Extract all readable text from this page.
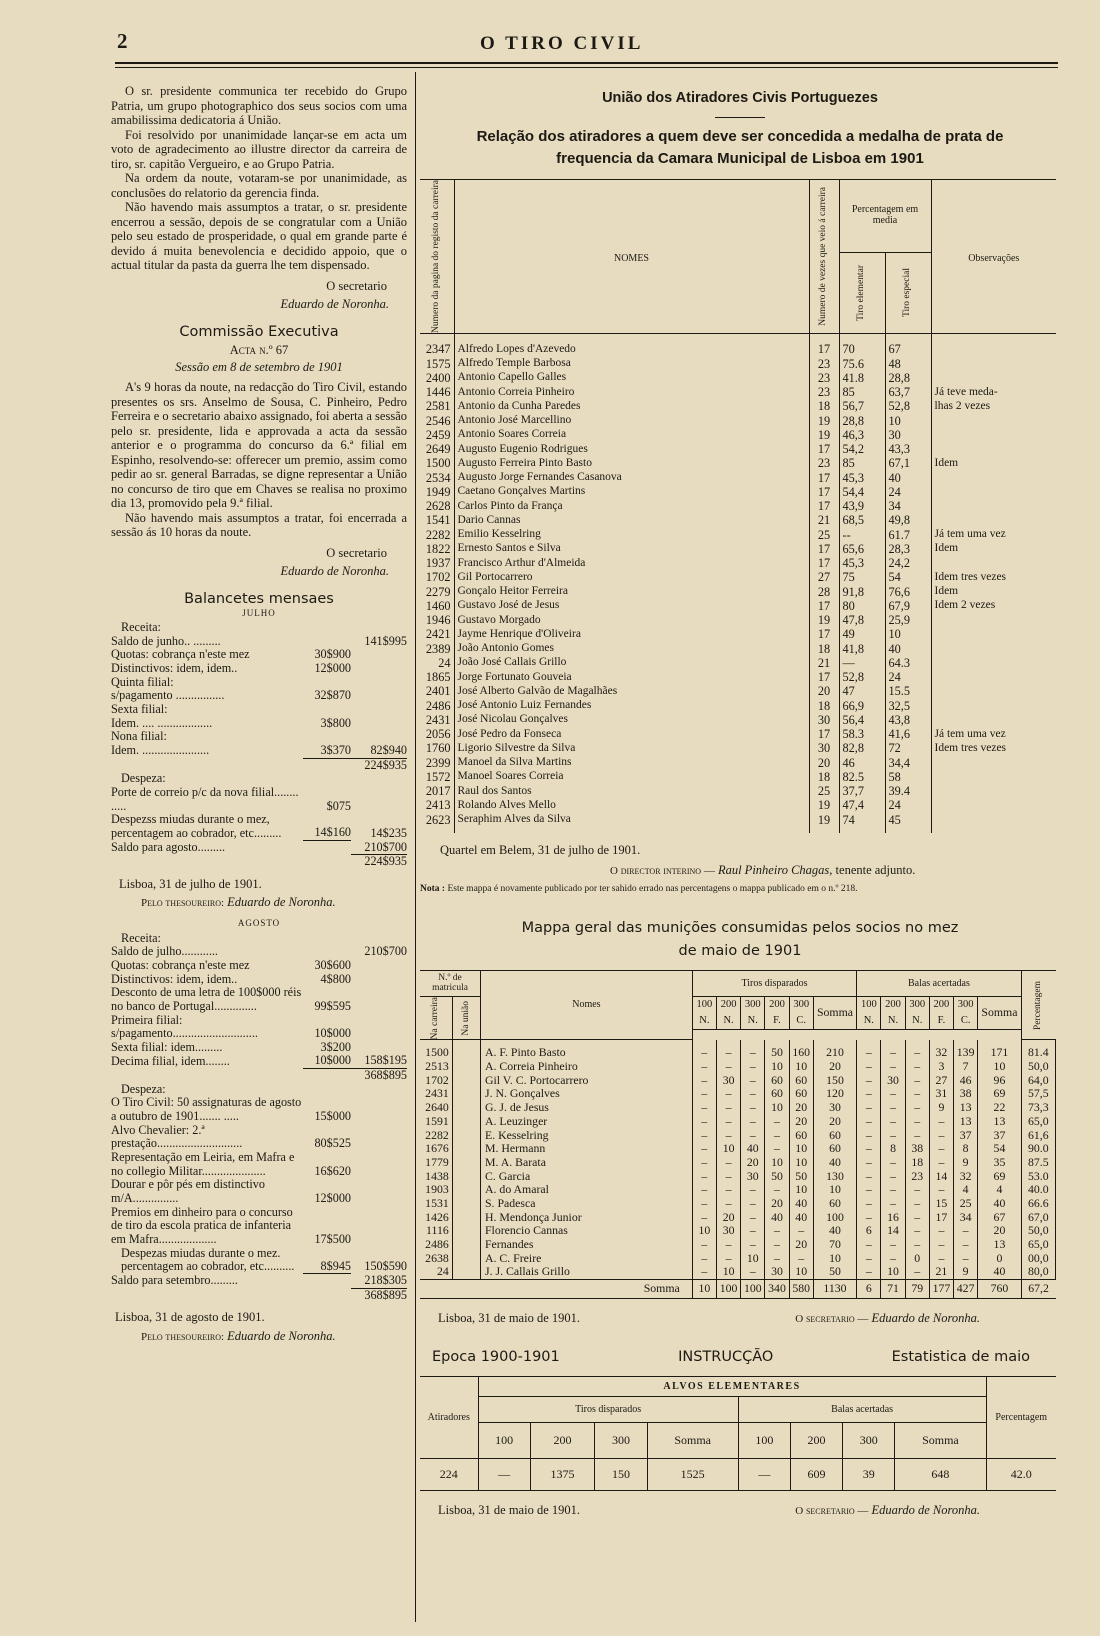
2	O TIRO CIVIL

O sr. presidente communica ter recebido do Grupo Patria, um grupo photographico dos seus socios com uma amabilissima dedicatoria á União.

Foi resolvido por unanimidade lançar-se em acta um voto de agradecimento ao illustre director da carreira de tiro, sr. capitão Vergueiro, e ao Grupo Patria.

Na ordem da noute, votaram-se por unanimidade, as conclusões do relatorio da gerencia finda.

Não havendo mais assumptos a tratar, o sr. presidente encerrou a sessão, depois de se congratular com a União pelo seu estado de prosperidade, o qual em grande parte é devido á muita benevolencia e decidido appoio, que o actual titular da pasta da guerra lhe tem dispensado.

O secretario
Eduardo de Noronha.
Commissão Executiva
Acta n.º 67
Sessão em 8 de setembro de 1901

A's 9 horas da noute, na redacção do Tiro Civil, estando presentes os srs. Anselmo de Sousa, C. Pinheiro, Pedro Ferreira e o secretario abaixo assignado, foi aberta a sessão pelo sr. presidente, lida e approvada a acta da sessão anterior e o programma do concurso da 6.ª filial em Espinho, resolvendo-se: offerecer um premio, assim como pedir ao sr. general Barradas, se digne representar a União no concurso de tiro que em Chaves se realisa no proximo dia 13, promovido pela 9.ª filial.

Não havendo mais assumptos a tratar, foi encerrada a sessão ás 10 horas da noute.

O secretario
Eduardo de Noronha.
Balancetes mensaes
JULHO
Receita:		
Saldo de junho.. .........		141$995
Quotas: cobrança n'este mez	30$900	
Distinctivos: idem, idem..	12$000	
Quinta filial:		
s/pagamento ................	32$870	
Sexta filial:		
Idem. .... ..................	3$800	
Nona filial:		
Idem. ......................	3$370	82$940
		224$935
Despeza:		
Porte de correio p/c da nova filial........ .....	$075	
Despezss miudas durante o mez, percentagem ao cobrador, etc.........	14$160	14$235
Saldo para agosto.........		210$700
		224$935
Lisboa, 31 de julho de 1901.
Pelo thesoureiro: Eduardo de Noronha.
AGOSTO
Receita:		
Saldo de julho............		210$700
Quotas: cobrança n'este mez	30$600	
Distinctivos: idem, idem..	4$800	
Desconto de uma letra de 100$000 réis no banco de Portugal..............	99$595	
Primeira filial: s/pagamento............................	10$000	
Sexta filial: idem.........	3$200	
Decima filial, idem........	10$000	158$195
		368$895
Despeza:		
O Tiro Civil: 50 assignaturas de agosto a outubro de 1901....... .....	15$000	
Alvo Chevalier: 2.ª prestação............................	80$525	
Representação em Leiria, em Mafra e no collegio Militar.....................	16$620	
Dourar e pôr pés em distinctivo m/A...............	12$000	
Premios em dinheiro para o concurso de tiro da escola pratica de infanteria em Mafra...................	17$500	
Despezas miudas durante o mez. percentagem ao cobrador, etc..........	8$945	150$590
Saldo para setembro.........		218$305
		368$895
Lisboa, 31 de agosto de 1901.
Pelo thesoureiro: Eduardo de Noronha.
União dos Atiradores Civis Portuguezes
Relação dos atiradores a quem deve ser concedida a medalha de prata de frequencia da Camara Municipal de Lisboa em 1901
Numero da pagina do registo da carreira	NOMES	Numero de vezes que veio á carreira	Percentagem em media		Observações

			Tiro elementar	Tiro especial	

2347	Alfredo Lopes d'Azevedo	17	70	67	
1575	Alfredo Temple Barbosa	23	75.6	48	
2400	Antonio Capello Galles	23	41.8	28,8	
1446	Antonio Correia Pinheiro	23	85	63,7	Já teve meda-
2581	Antonio da Cunha Paredes	18	56,7	52,8	lhas 2 vezes
2546	Antonio José Marcellino	19	28,8	10	
2459	Antonio Soares Correia	19	46,3	30	
2649	Augusto Eugenio Rodrigues	17	54,2	43,3	
1500	Augusto Ferreira Pinto Basto	23	85	67,1	Idem
2534	Augusto Jorge Fernandes Casanova	17	45,3	40	
1949	Caetano Gonçalves Martins	17	54,4	24	
2628	Carlos Pinto da França	17	43,9	34	
1541	Dario Cannas	21	68,5	49,8	
2282	Emilio Kesselring	25	--	61.7	Já tem uma vez
1822	Ernesto Santos e Silva	17	65,6	28,3	Idem
1937	Francisco Arthur d'Almeida	17	45,3	24,2	
1702	Gil Portocarrero	27	75	54	Idem tres vezes
2279	Gonçalo Heitor Ferreira	28	91,8	76,6	Idem
1460	Gustavo José de Jesus	17	80	67,9	Idem 2 vezes
1946	Gustavo Morgado	19	47,8	25,9	
2421	Jayme Henrique d'Oliveira	17	49	10	
2389	João Antonio Gomes	18	41,8	40	
24	João José Callais Grillo	21	—	64.3	
1865	Jorge Fortunato Gouveia	17	52,8	24	
2401	José Alberto Galvão de Magalhães	20	47	15.5	
2486	José Antonio Luiz Fernandes	18	66,9	32,5	
2431	José Nicolau Gonçalves	30	56,4	43,8	
2056	José Pedro da Fonseca	17	58.3	41,6	Já tem uma vez
1760	Ligorio Silvestre da Silva	30	82,8	72	Idem tres vezes
2399	Manoel da Silva Martins	20	46	34,4	
1572	Manoel Soares Correia	18	82.5	58	
2017	Raul dos Santos	25	37,7	39.4	
2413	Rolando Alves Mello	19	47,4	24	
2623	Seraphim Alves da Silva	19	74	45	
Quartel em Belem, 31 de julho de 1901.
O director interino — Raul Pinheiro Chagas, tenente adjunto.
Nota : Este mappa é novamente publicado por ter sahido errado nas percentagens o mappa publicado em o n.º 218.
Mappa geral das munições consumidas pelos socios no mez de maio de 1901
N.º de matricula		Nomes	Tiros disparados						Balas acertadas						Percentagem

Na carreira	Na união		100 N.	200 N.	300 N.	200 F.	300 C.	Somma	100 N.	200 N.	300 N.	200 F.	300 C.	Somma	

1500		A. F. Pinto Basto	–	–	–	50	160	210	–	–	–	32	139	171	81.4
2513		A. Correia Pinheiro	–	–	–	10	10	20	–	–	–	3	7	10	50,0
1702		Gil V. C. Portocarrero	–	30	–	60	60	150	–	30	–	27	46	96	64,0
2431		J. N. Gonçalves	–	–	–	60	60	120	–	–	–	31	38	69	57,5
2640		G. J. de Jesus	–	–	–	10	20	30	–	–	–	9	13	22	73,3
1591		A. Leuzinger	–	–	–	–	20	20	–	–	–	–	13	13	65,0
2282		E. Kesselring	–	–	–	–	60	60	–	–	–	–	37	37	61,6
1676		M. Hermann	–	10	40	–	10	60	–	8	38	–	8	54	90.0
1779		M. A. Barata	–	–	20	10	10	40	–	–	18	–	9	35	87.5
1438		C. Garcia	–	–	30	50	50	130	–	–	23	14	32	69	53.0
1903		A. do Amaral	–	–	–	–	10	10	–	–	–	–	4	4	40.0
1531		S. Padesca	–	–	–	20	40	60	–	–	–	15	25	40	66.6
1426		H. Mendonça Junior	–	20	–	40	40	100	–	16	–	17	34	67	67,0
1116		Florencio Cannas	10	30	–	–	–	40	6	14	–	–	–	20	50,0
2486		Fernandes	–	–	–	–	20	70	–	–	–	–	–	13	65,0
2638		A. C. Freire	–	–	10	–	–	10	–	–	0	–	–	0	00,0
24		J. J. Callais Grillo	–	10	–	30	10	50	–	10	–	21	9	40	80,0
Somma			10	100	100	340	580	1130	6	71	79	177	427	760	67,2
Lisboa, 31 de maio de 1901.	O secretario — Eduardo de Noronha.
Epoca 1900-1901	INSTRUCÇÃO	Estatistica de maio
Atiradores	ALVOS ELEMENTARES								Percentagem
	Tiros disparados				Balas acertadas				
	100	200	300	Somma	100	200	300	Somma	
224	—	1375	150	1525	—	609	39	648	42.0
Lisboa, 31 de maio de 1901.	O secretario — Eduardo de Noronha.
